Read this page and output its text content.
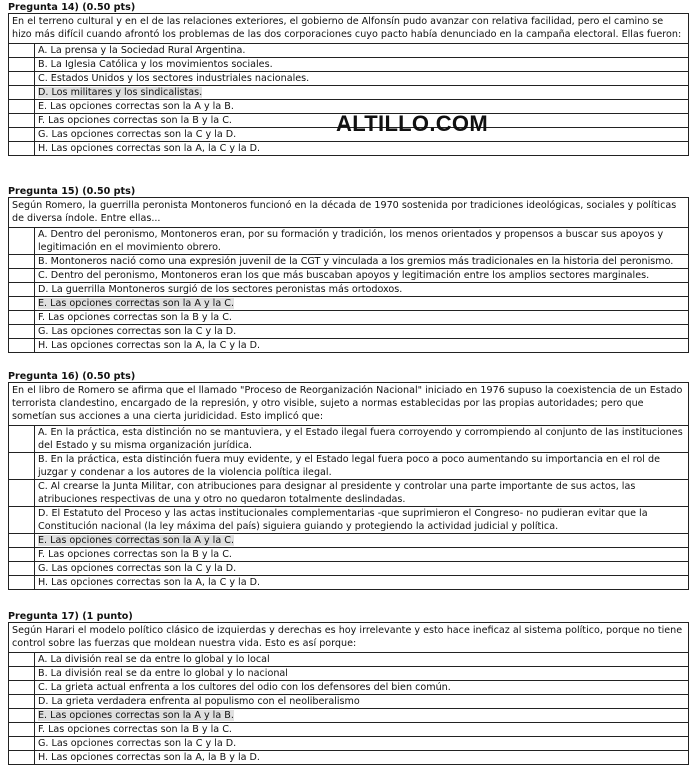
Pregunta 14) (0.50 pts)
En el terreno cultural y en el de las relaciones exteriores, el gobierno de Alfonsín pudo avanzar con relativa facilidad, pero el camino se hizo más difícil cuando afrontó los problemas de las dos corporaciones cuyo pacto había denunciado en la campaña electoral. Ellas fueron:
A. La prensa y la Sociedad Rural Argentina.
B. La Iglesia Católica y los movimientos sociales.
C. Estados Unidos y los sectores industriales nacionales.
D. Los militares y los sindicalistas.
E. Las opciones correctas son la A y la B.
F. Las opciones correctas son la B y la C.
G. Las opciones correctas son la C y la D.
H. Las opciones correctas son la A, la C y la D.
Pregunta 15) (0.50 pts)
Según Romero, la guerrilla peronista Montoneros funcionó en la década de 1970 sostenida por tradiciones ideológicas, sociales y políticas de diversa índole. Entre ellas...
A. Dentro del peronismo, Montoneros eran, por su formación y tradición, los menos orientados y propensos a buscar sus apoyos y legitimación en el movimiento obrero.
B. Montoneros nació como una expresión juvenil de la CGT y vinculada a los gremios más tradicionales en la historia del peronismo.
C. Dentro del peronismo, Montoneros eran los que más buscaban apoyos y legitimación entre los amplios sectores marginales.
D. La guerrilla Montoneros surgió de los sectores peronistas más ortodoxos.
E. Las opciones correctas son la A y la C.
F. Las opciones correctas son la B y la C.
G. Las opciones correctas son la C y la D.
H. Las opciones correctas son la A, la C y la D.
Pregunta 16) (0.50 pts)
En el libro de Romero se afirma que el llamado "Proceso de Reorganización Nacional" iniciado en 1976 supuso la coexistencia de un Estado terrorista clandestino, encargado de la represión, y otro visible, sujeto a normas establecidas por las propias autoridades; pero que sometían sus acciones a una cierta juridicidad. Esto implicó que:
A. En la práctica, esta distinción no se mantuviera, y el Estado ilegal fuera corroyendo y corrompiendo al conjunto de las instituciones del Estado y su misma organización jurídica.
B. En la práctica, esta distinción fuera muy evidente, y el Estado legal fuera poco a poco aumentando su importancia en el rol de juzgar y condenar a los autores de la violencia política ilegal.
C. Al crearse la Junta Militar, con atribuciones para designar al presidente y controlar una parte importante de sus actos, las atribuciones respectivas de una y otro no quedaron totalmente deslindadas.
D. El Estatuto del Proceso y las actas institucionales complementarias -que suprimieron el Congreso- no pudieran evitar que la Constitución nacional (la ley máxima del país) siguiera guiando y protegiendo la actividad judicial y política.
E. Las opciones correctas son la A y la C.
F. Las opciones correctas son la B y la C.
G. Las opciones correctas son la C y la D.
H. Las opciones correctas son la A, la C y la D.
Pregunta 17) (1 punto)
Según Harari el modelo político clásico de izquierdas y derechas es hoy irrelevante y esto hace ineficaz al sistema político, porque no tiene control sobre las fuerzas que moldean nuestra vida. Esto es así porque:
A. La división real se da entre lo global y lo local
B. La división real se da entre lo global y lo nacional
C. La grieta actual enfrenta a los cultores del odio con los defensores del bien común.
D. La grieta verdadera enfrenta al populismo con el neoliberalismo
E. Las opciones correctas son la A y la B.
F. Las opciones correctas son la B y la C.
G. Las opciones correctas son la C y la D.
H. Las opciones correctas son la A, la B y la D.
ALTILLO.COM
